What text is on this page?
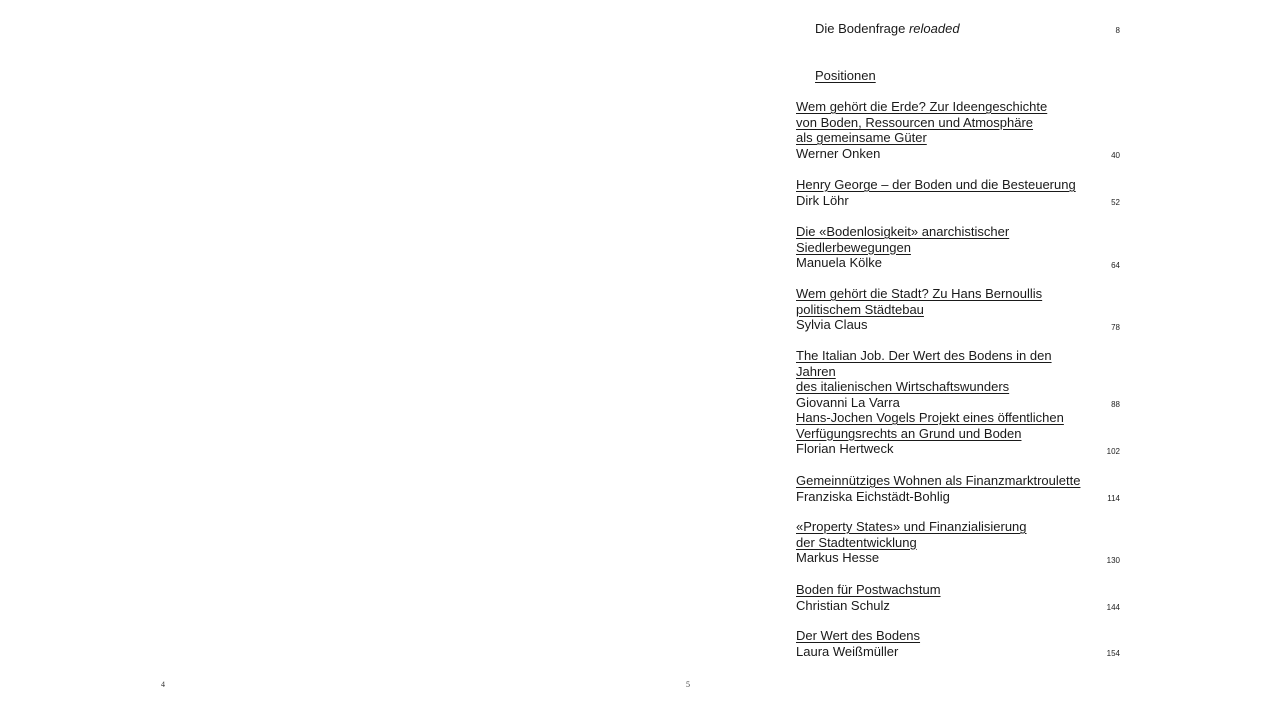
4	5
Die Bodenfrage reloaded	8
Positionen
Wem gehört die Erde? Zur Ideengeschichte
von Boden, Ressourcen und Atmosphäre
als gemeinsame Güter
Werner Onken	40
Henry George – der Boden und die Besteuerung
Dirk Löhr	52
Die «Bodenlosigkeit» anarchistischer
Siedlerbewegungen
Manuela Kölke	64
Wem gehört die Stadt? Zu Hans Bernoullis
politischem Städtebau
Sylvia Claus	78
The Italian Job. Der Wert des Bodens in den Jahren
des italienischen Wirtschaftswunders
Giovanni La Varra	88
Hans-Jochen Vogels Projekt eines öffentlichen
Verfügungsrechts an Grund und Boden
Florian Hertweck	102
Gemeinnütziges Wohnen als Finanzmarktroulette
Franziska Eichstädt-Bohlig	114
«Property States» und Finanzialisierung
der Stadtentwicklung
Markus Hesse	130
Boden für Postwachstum
Christian Schulz	144
Der Wert des Bodens
Laura Weißmüller	154
